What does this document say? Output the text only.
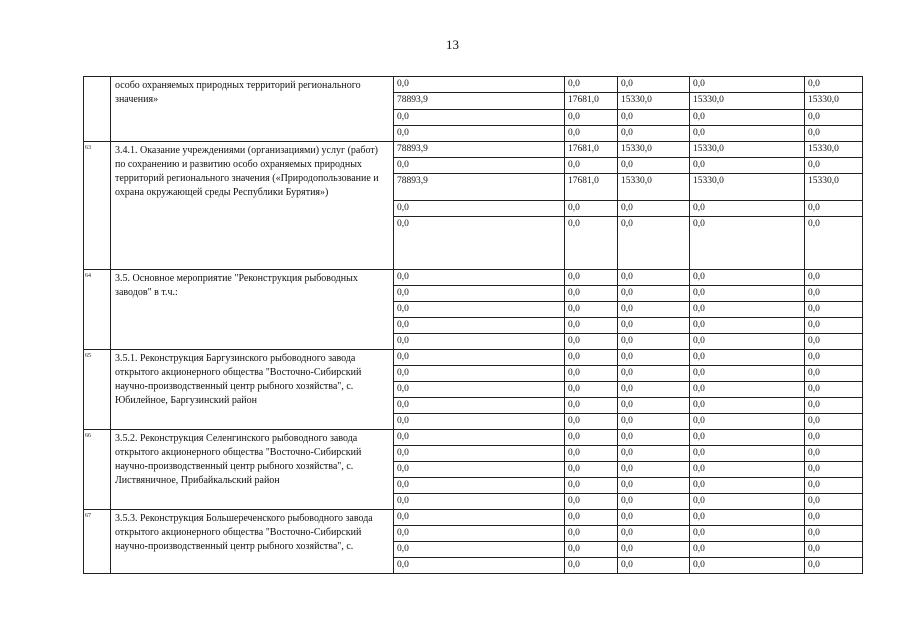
13
	особо охраняемых природных территорий регионального значения»	0,0	0,0	0,0	0,0	0,0
		78893,9	17681,0	15330,0	15330,0	15330,0
		0,0	0,0	0,0	0,0	0,0
		0,0	0,0	0,0	0,0	0,0
63	3.4.1. Оказание учреждениями (организациями) услуг (работ) по сохранению и развитию особо охраняемых природных территорий регионального значения («Природопользование и охрана окружающей среды Республики Бурятия»)	78893,9	17681,0	15330,0	15330,0	15330,0
		0,0	0,0	0,0	0,0	0,0
		78893,9	17681,0	15330,0	15330,0	15330,0
		0,0	0,0	0,0	0,0	0,0
		0,0	0,0	0,0	0,0	0,0
64	3.5. Основное мероприятие "Реконструкция рыбоводных заводов" в т.ч.:	0,0	0,0	0,0	0,0	0,0
		0,0	0,0	0,0	0,0	0,0
		0,0	0,0	0,0	0,0	0,0
		0,0	0,0	0,0	0,0	0,0
		0,0	0,0	0,0	0,0	0,0
65	3.5.1. Реконструкция Баргузинского рыбоводного завода открытого акционерного общества "Восточно-Сибирский научно-производственный центр рыбного хозяйства", с. Юбилейное, Баргузинский район	0,0	0,0	0,0	0,0	0,0
		0,0	0,0	0,0	0,0	0,0
		0,0	0,0	0,0	0,0	0,0
		0,0	0,0	0,0	0,0	0,0
		0,0	0,0	0,0	0,0	0,0
66	3.5.2. Реконструкция Селенгинского рыбоводного завода открытого акционерного общества "Восточно-Сибирский научно-производственный центр рыбного хозяйства", с. Листвяничное, Прибайкальский район	0,0	0,0	0,0	0,0	0,0
		0,0	0,0	0,0	0,0	0,0
		0,0	0,0	0,0	0,0	0,0
		0,0	0,0	0,0	0,0	0,0
		0,0	0,0	0,0	0,0	0,0
67	3.5.3. Реконструкция Большереченского рыбоводного завода открытого акционерного общества "Восточно-Сибирский научно-производственный центр рыбного хозяйства", с.	0,0	0,0	0,0	0,0	0,0
		0,0	0,0	0,0	0,0	0,0
		0,0	0,0	0,0	0,0	0,0
		0,0	0,0	0,0	0,0	0,0
